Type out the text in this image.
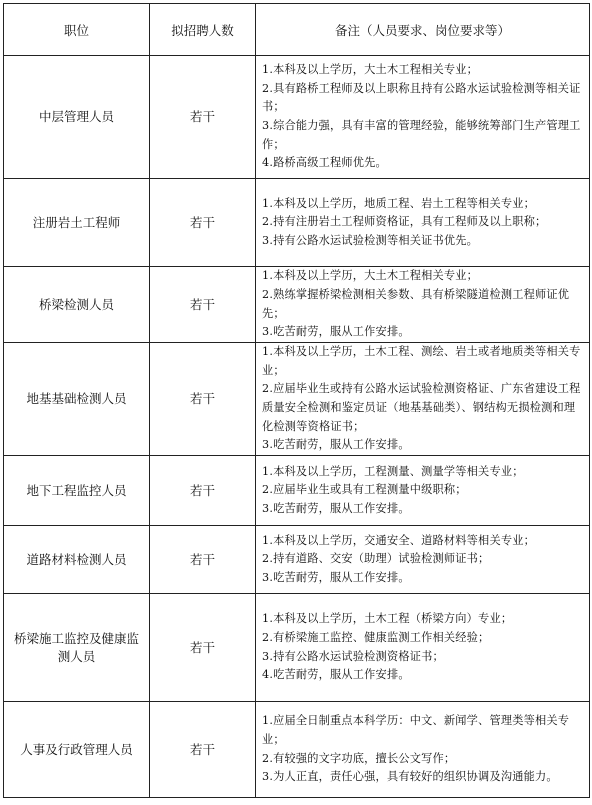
职位	拟招聘人数	备注（人员要求、岗位要求等）
中层管理人员	若干	1.本科及以上学历，大土木工程相关专业；
2.具有路桥工程师及以上职称且持有公路水运试验检测等相关证书；
3.综合能力强，具有丰富的管理经验，能够统筹部门生产管理工作；
4.路桥高级工程师优先。

注册岩土工程师	若干	1.本科及以上学历，地质工程、岩土工程等相关专业；
2.持有注册岩土工程师资格证，具有工程师及以上职称；
3.持有公路水运试验检测等相关证书优先。

桥梁检测人员	若干	1.本科及以上学历，大土木工程相关专业；
2.熟练掌握桥梁检测相关参数、具有桥梁隧道检测工程师证优先；
3.吃苦耐劳，服从工作安排。

地基基础检测人员	若干	1.本科及以上学历，土木工程、测绘、岩土或者地质类等相关专业；
2.应届毕业生或持有公路水运试验检测资格证、广东省建设工程质量安全检测和鉴定员证（地基基础类）、钢结构无损检测和理化检测等资格证书；
3.吃苦耐劳，服从工作安排。

地下工程监控人员	若干	1.本科及以上学历，工程测量、测量学等相关专业；
2.应届毕业生或具有工程测量中级职称；
3.吃苦耐劳，服从工作安排。

道路材料检测人员	若干	1.本科及以上学历，交通安全、道路材料等相关专业；
2.持有道路、交安（助理）试验检测师证书；
3.吃苦耐劳，服从工作安排。

桥梁施工监控及健康监测人员	若干	1.本科及以上学历，土木工程（桥梁方向）专业；
2.有桥梁施工监控、健康监测工作相关经验；
3.持有公路水运试验检测资格证书；
4.吃苦耐劳，服从工作安排。

人事及行政管理人员	若干	1.应届全日制重点本科学历：中文、新闻学、管理类等相关专业；
2.有较强的文字功底，擅长公文写作；
3.为人正直，责任心强，具有较好的组织协调及沟通能力。
